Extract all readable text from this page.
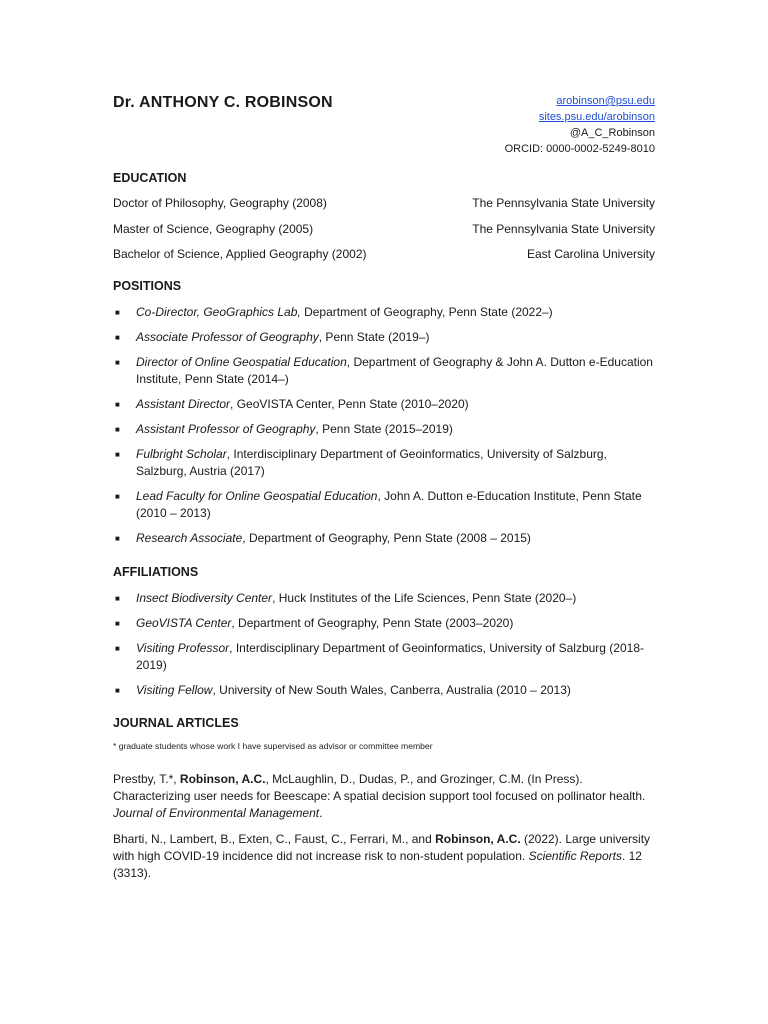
Dr. ANTHONY C. ROBINSON	arobinson@psu.edu
sites.psu.edu/arobinson
@A_C_Robinson
ORCID: 0000-0002-5249-8010
EDUCATION
Doctor of Philosophy, Geography (2008)	The Pennsylvania State University
Master of Science, Geography (2005)	The Pennsylvania State University
Bachelor of Science, Applied Geography (2002)	East Carolina University
POSITIONS
■ Co-Director, GeoGraphics Lab, Department of Geography, Penn State (2022–)
■ Associate Professor of Geography, Penn State (2019–)
■ Director of Online Geospatial Education, Department of Geography & John A. Dutton e-Education Institute, Penn State (2014–)
■ Assistant Director, GeoVISTA Center, Penn State (2010–2020)
■ Assistant Professor of Geography, Penn State (2015–2019)
■ Fulbright Scholar, Interdisciplinary Department of Geoinformatics, University of Salzburg, Salzburg, Austria (2017)
■ Lead Faculty for Online Geospatial Education, John A. Dutton e-Education Institute, Penn State (2010 – 2013)
■ Research Associate, Department of Geography, Penn State (2008 – 2015)
AFFILIATIONS
■ Insect Biodiversity Center, Huck Institutes of the Life Sciences, Penn State (2020–)
■ GeoVISTA Center, Department of Geography, Penn State (2003–2020)
■ Visiting Professor, Interdisciplinary Department of Geoinformatics, University of Salzburg (2018-2019)
■ Visiting Fellow, University of New South Wales, Canberra, Australia (2010 – 2013)
JOURNAL ARTICLES
* graduate students whose work I have supervised as advisor or committee member
Prestby, T.*, Robinson, A.C., McLaughlin, D., Dudas, P., and Grozinger, C.M. (In Press). Characterizing user needs for Beescape: A spatial decision support tool focused on pollinator health. Journal of Environmental Management.
Bharti, N., Lambert, B., Exten, C., Faust, C., Ferrari, M., and Robinson, A.C. (2022). Large university with high COVID-19 incidence did not increase risk to non-student population. Scientific Reports. 12 (3313).
